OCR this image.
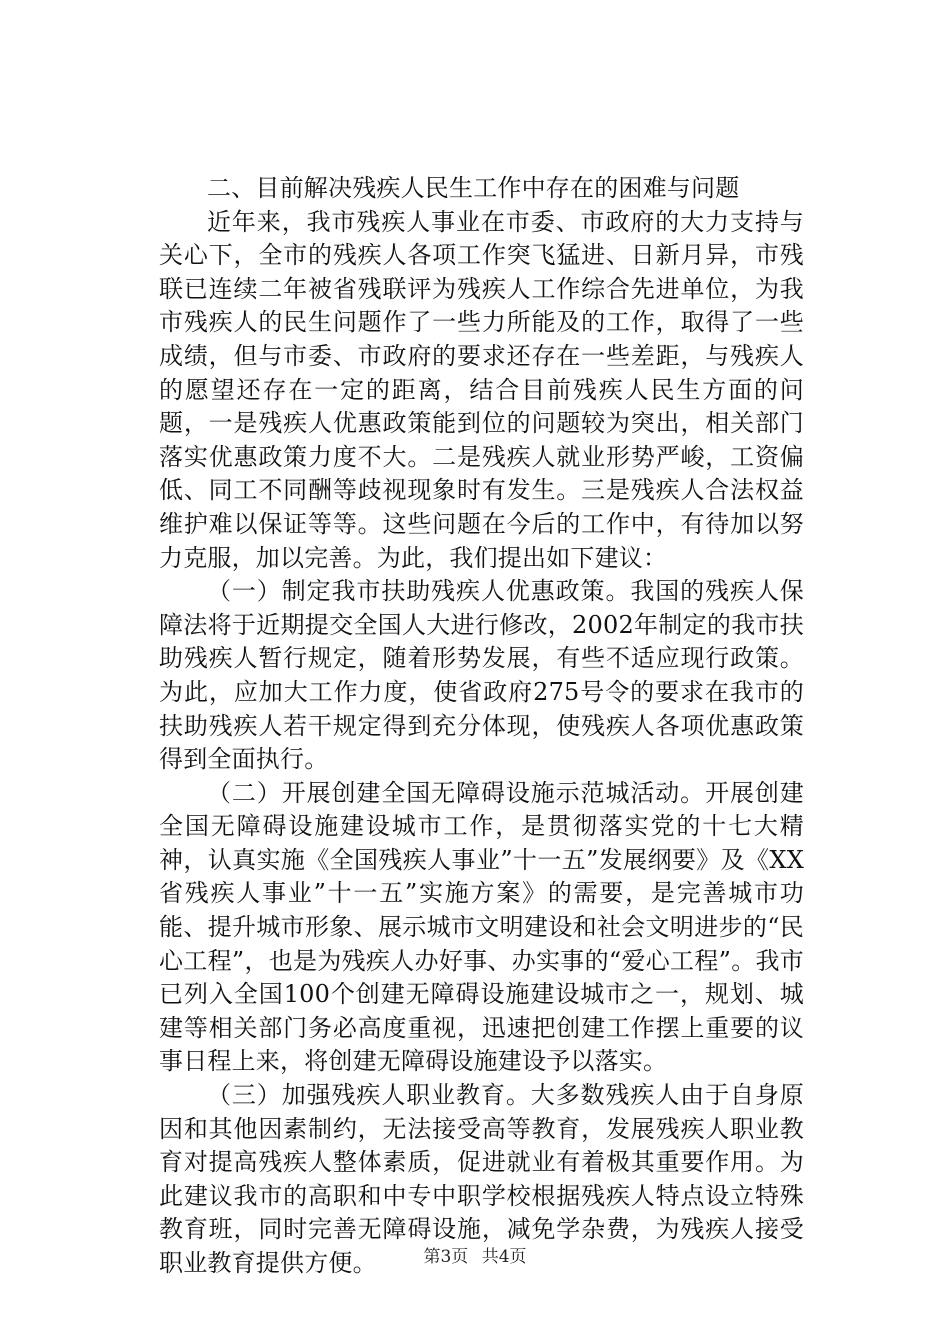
二、目前解决残疾人民生工作中存在的困难与问题

近年来，我市残疾人事业在市委、市政府的大力支持与关心下，全市的残疾人各项工作突飞猛进、日新月异，市残联已连续二年被省残联评为残疾人工作综合先进单位，为我市残疾人的民生问题作了一些力所能及的工作，取得了一些成绩，但与市委、市政府的要求还存在一些差距，与残疾人的愿望还存在一定的距离，结合目前残疾人民生方面的问题，一是残疾人优惠政策能到位的问题较为突出，相关部门落实优惠政策力度不大。二是残疾人就业形势严峻，工资偏低、同工不同酬等歧视现象时有发生。三是残疾人合法权益维护难以保证等等。这些问题在今后的工作中，有待加以努力克服，加以完善。为此，我们提出如下建议：

（一）制定我市扶助残疾人优惠政策。我国的残疾人保障法将于近期提交全国人大进行修改，2002年制定的我市扶助残疾人暂行规定，随着形势发展，有些不适应现行政策。为此，应加大工作力度，使省政府275号令的要求在我市的扶助残疾人若干规定得到充分体现，使残疾人各项优惠政策得到全面执行。

（二）开展创建全国无障碍设施示范城活动。开展创建全国无障碍设施建设城市工作，是贯彻落实党的十七大精神，认真实施《全国残疾人事业”十一五”发展纲要》及《XX省残疾人事业”十一五”实施方案》的需要，是完善城市功能、提升城市形象、展示城市文明建设和社会文明进步的“民心工程”，也是为残疾人办好事、办实事的“爱心工程”。我市已列入全国100个创建无障碍设施建设城市之一，规划、城建等相关部门务必高度重视，迅速把创建工作摆上重要的议事日程上来，将创建无障碍设施建设予以落实。

（三）加强残疾人职业教育。大多数残疾人由于自身原因和其他因素制约，无法接受高等教育，发展残疾人职业教育对提高残疾人整体素质，促进就业有着极其重要作用。为此建议我市的高职和中专中职学校根据残疾人特点设立特殊教育班，同时完善无障碍设施，减免学杂费，为残疾人接受职业教育提供方便。	第3页 共4页
